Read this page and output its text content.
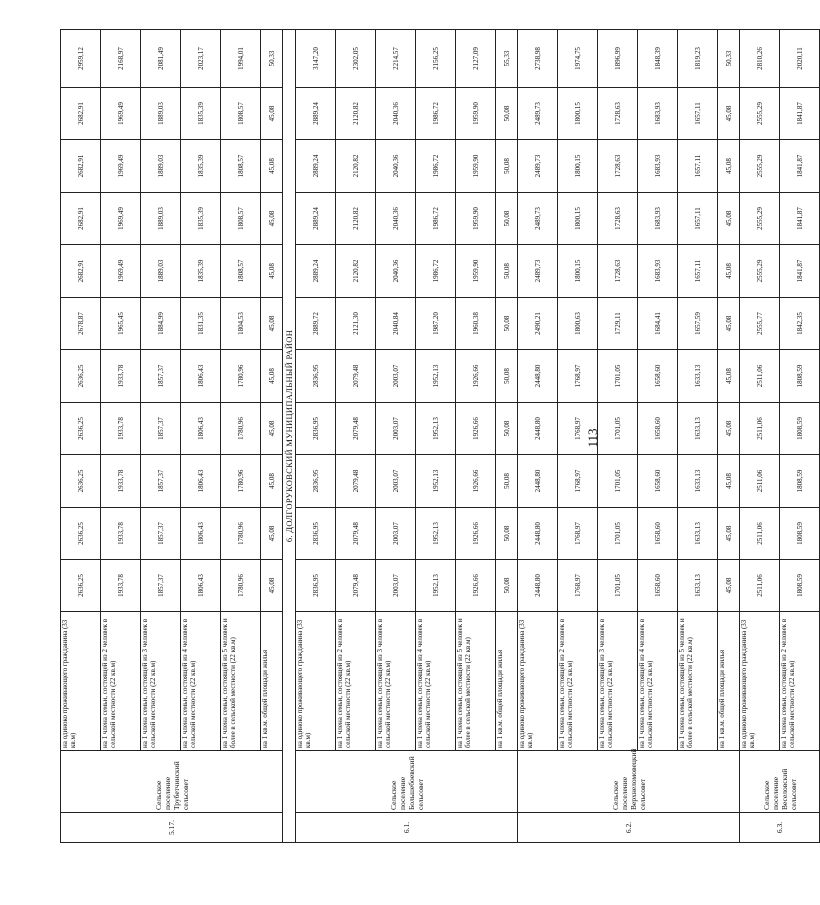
5.17.	Сельское поселение Трубетчинский сельсовет	на одиноко проживающего гражданина (33 кв.м)	2636,25	2636,25	2636,25	2636,25	2636,25	2678,87	2682,91	2682,91	2682,91	2682,91	2959,12
		на 1 члена семьи, состоящей из 2 человек в сельской местности (22 кв.м)	1933,78	1933,78	1933,78	1933,78	1933,78	1965,45	1969,49	1969,49	1969,49	1969,49	2168,97
		на 1 члена семьи, состоящей из 3 человек в сельской местности (22 кв.м)	1857,37	1857,37	1857,37	1857,37	1857,37	1884,99	1889,03	1889,03	1889,03	1889,03	2081,49
		на 1 члена семьи, состоящей из 4 человек в сельской местности (22 кв.м)	1806,43	1806,43	1806,43	1806,43	1806,43	1831,35	1835,39	1835,39	1835,39	1835,39	2023,17
		на 1 члена семьи, состоящей из 5 человек и более в сельской местности (22 кв.м)	1780,96	1780,96	1780,96	1780,96	1780,96	1804,53	1808,57	1808,57	1808,57	1808,57	1994,01
		на 1 кв.м. общей площади жилья	45,08	45,08	45,08	45,08	45,08	45,08	45,08	45,08	45,08	45,08	50,33
6. ДОЛГОРУКОВСКИЙ МУНИЦИПАЛЬНЫЙ РАЙОН													
6.1.	Сельское поселение Большебоевский сельсовет	на одиноко проживающего гражданина (33 кв.м)	2836,95	2836,95	2836,95	2836,95	2836,95	2889,72	2889,24	2889,24	2889,24	2889,24	3147,20
		на 1 члена семьи, состоящей из 2 человек в сельской местности (22 кв.м)	2079,48	2079,48	2079,48	2079,48	2079,48	2121,30	2120,82	2120,82	2120,82	2120,82	2302,05
		на 1 члена семьи, состоящей из 3 человек в сельской местности (22 кв.м)	2003,07	2003,07	2003,07	2003,07	2003,07	2040,84	2040,36	2040,36	2040,36	2040,36	2214,57
		на 1 члена семьи, состоящей из 4 человек в сельской местности (22 кв.м)	1952,13	1952,13	1952,13	1952,13	1952,13	1987,20	1986,72	1986,72	1986,72	1986,72	2156,25
		на 1 члена семьи, состоящей из 5 человек и более в сельской местности (22 кв.м)	1926,66	1926,66	1926,66	1926,66	1926,66	1960,38	1959,90	1959,90	1959,90	1959,90	2127,09
		на 1 кв.м. общей площади жилья	50,08	50,08	50,08	50,08	50,08	50,08	50,08	50,08	50,08	50,08	55,33
6.2.	Сельское поселение Верхнеломовецкий сельсовет	на одиноко проживающего гражданина (33 кв.м)	2448,80	2448,80	2448,80	2448,80	2448,80	2490,21	2489,73	2489,73	2489,73	2489,73	2738,98
		на 1 члена семьи, состоящей из 2 человек в сельской местности (22 кв.м)	1768,97	1768,97	1768,97	1768,97	1768,97	1800,63	1800,15	1800,15	1800,15	1800,15	1974,75
		на 1 члена семьи, состоящей из 3 человек в сельской местности (22 кв.м)	1701,05	1701,05	1701,05	1701,05	1701,05	1729,11	1728,63	1728,63	1728,63	1728,63	1896,99
		на 1 члена семьи, состоящей из 4 человек в сельской местности (22 кв.м)	1658,60	1658,60	1658,60	1658,60	1658,60	1684,41	1683,93	1683,93	1683,93	1683,93	1848,39
		на 1 члена семьи, состоящей из 5 человек и более в сельской местности (22 кв.м)	1633,13	1633,13	1633,13	1633,13	1633,13	1657,59	1657,11	1657,11	1657,11	1657,11	1819,23
		на 1 кв.м. общей площади жилья	45,08	45,08	45,08	45,08	45,08	45,08	45,08	45,08	45,08	45,08	50,33
6.3.	Сельское поселение Веселовский сельсовет	на одиноко проживающего гражданина (33 кв.м)	2511,06	2511,06	2511,06	2511,06	2511,06	2555,77	2555,29	2555,29	2555,29	2555,29	2810,26
		на 1 члена семьи, состоящей из 2 человек в сельской местности (22 кв.м)	1808,59	1808,59	1808,59	1808,59	1808,59	1842,35	1841,87	1841,87	1841,87	1841,87	2020,11
113
